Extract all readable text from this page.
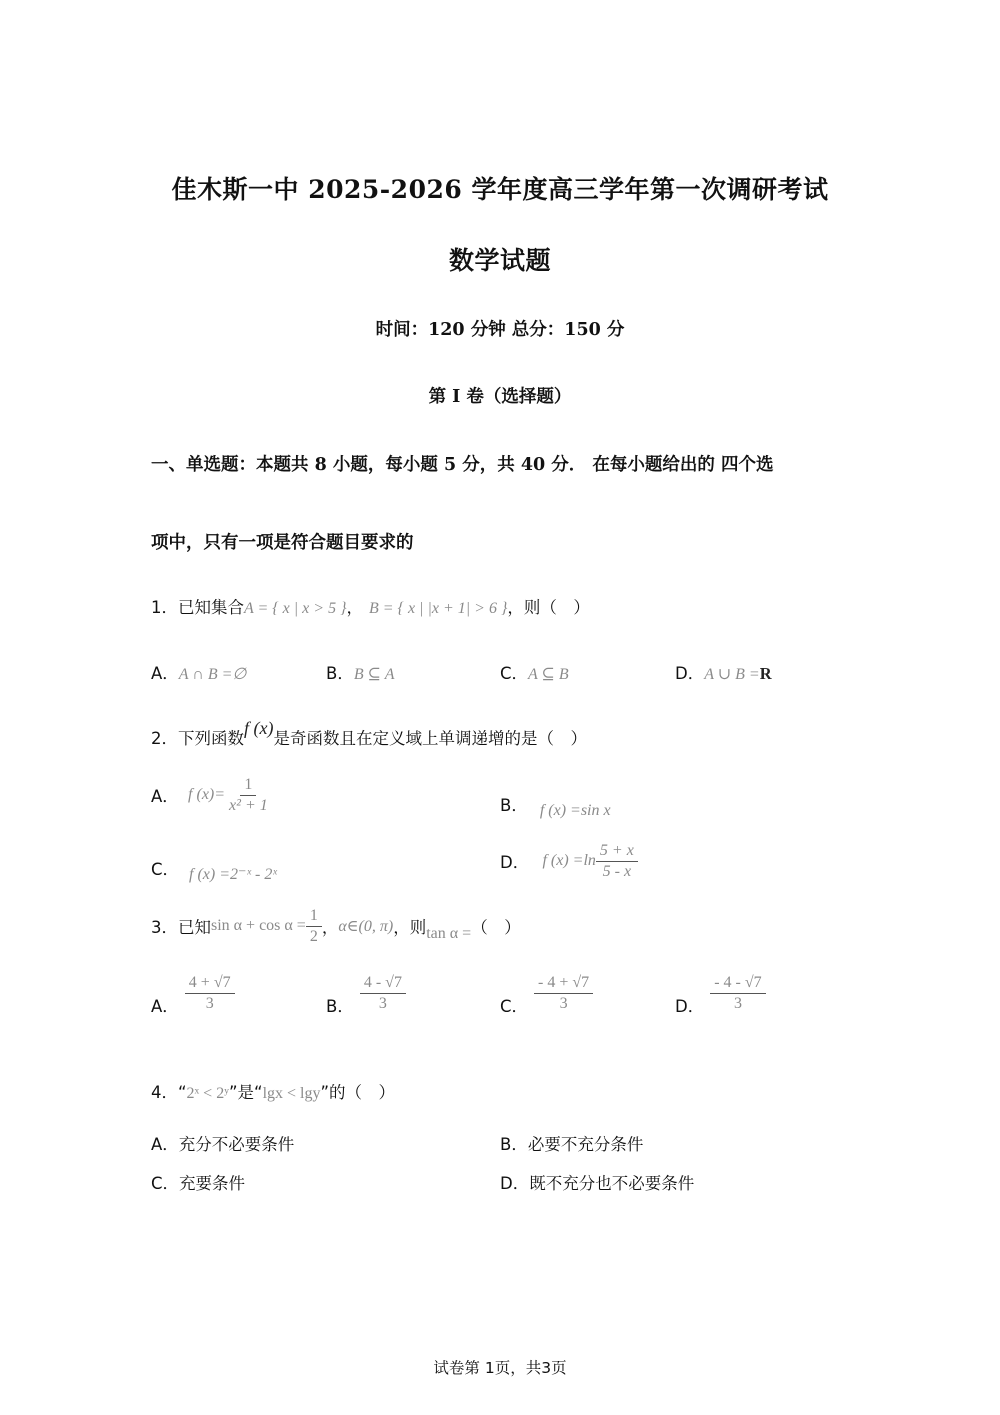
佳木斯一中 2025-2026 学年度高三学年第一次调研考试
数学试题
时间：120 分钟 总分：150 分
第 I 卷（选择题）
一、单选题：本题共 8 小题，每小题 5 分，共 40 分． 在每小题给出的 四个选
项中，只有一项是符合题目要求的
1．已知集合A = { x | x > 5 }， B = { x | |x + 1| > 6 }，则（　）
A．A ∩ B =∅	B．B ⊆ A	C．A ⊆ B	D．A ∪ B =R
2．下列函数f (x)是奇函数且在定义域上单调递增的是（　）
A． f $(x)= \frac{1}{\text{x² + 1}}$	B． f (x) =sin x
C． f (x) =2⁻ˣ - 2ˣ
D． f $(x) =\ln \frac{5 + x}{5 - x}$
3．已知$\sin \alpha + \cos \alpha = \frac{1}{2}$ ，α∈(0, π)，则tan α =（　）
A． $\frac{4 + √7}{3}$	B． $\frac{4 - √7}{3}$	C． $\frac{- 4 + √7}{3}$	D． $\frac{- 4 - √7}{3}$
4．“2ˣ < 2ʸ”是“lgx < lgy”的（　）
A．充分不必要条件	B．必要不充分条件
C．充要条件	D．既不充分也不必要条件
试卷第 1页，共3页
